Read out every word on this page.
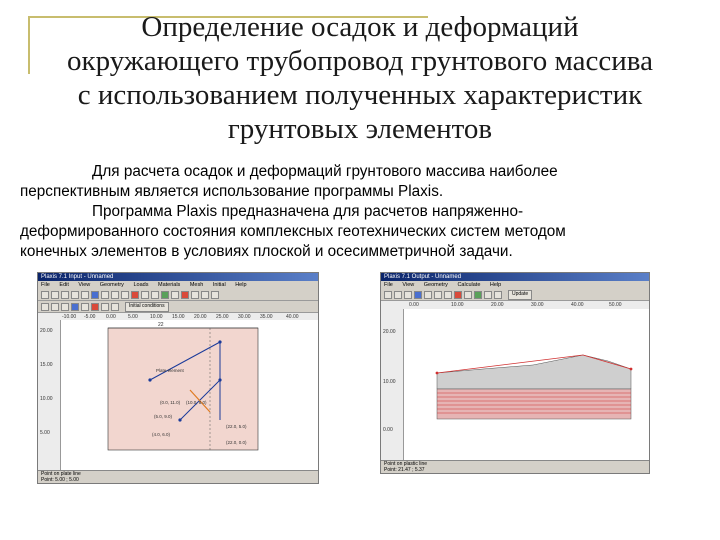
Определение осадок и деформаций
окружающего трубопровод грунтового массива
с использованием полученных характеристик
грунтовых элементов

Для расчета осадок и деформаций грунтового массива наиболее

перспективным является использование программы Plaxis.

Программа Plaxis предназначена для расчетов напряженно-

деформированного состояния комплексных геотехнических систем методом

конечных элементов в условиях плоской и осесимметричной задачи.

Plaxis 7.1 Input - Unnamed
File Edit View Geometry Loads Materials Mesh Initial Help
Initial conditions
-10.00 -5.00 0.00 5.00 10.00 15.00 20.00 25.00 30.00 35.00	40.00
20.00
15.00
10.00
5.00
22
Plate-element
(0.0, 11.0)
(5.0, 9.0)
(10.0, 8.0)
(4.0, 6.0)
(22.0, 5.0)
(22.0, 0.0)
Point on plate line
Point: 5.00 ; 5.00
Plaxis 7.1 Output - Unnamed
File View Geometry Calculate Help
Update
0.00	10.00	20.00	30.00	40.00	50.00
20.00
10.00
0.00
Point on plastic line
Point: 21.47 ; 5.37
